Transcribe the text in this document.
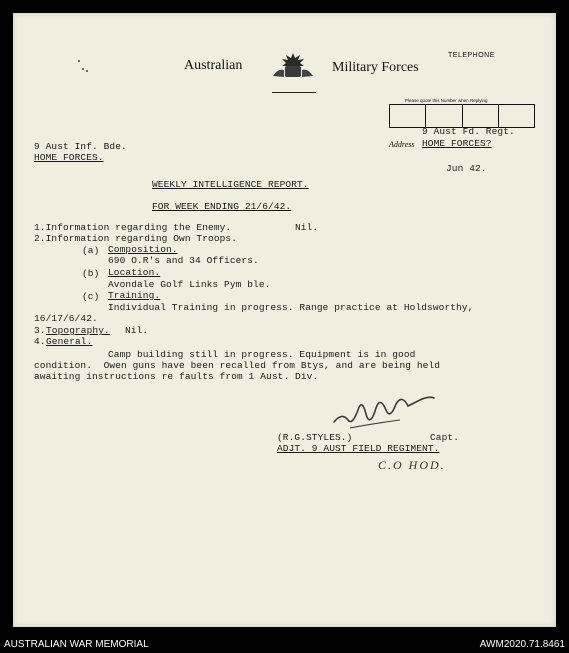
Australian	Military Forces
TELEPHONE
Please quote this Number when Replying
9 Aust Fd. Regt.
Address HOME FORCES?
9 Aust Inf. Bde.
HOME FORCES.
Jun 42.
WEEKLY INTELLIGENCE REPORT.
FOR WEEK ENDING 21/6/42.
1.Information regarding the Enemy.	Nil.
2.Information regarding Own Troops.
(a) Composition.
690 O.R's and 34 Officers.
(b) Location.
Avondale Golf Links Pym ble.
(c) Training.
Individual Training in progress. Range practice at Holdsworthy,
16/17/6/42.
3. Topography. Nil.
4. General.
Camp building still in progress. Equipment is in good
condition.  Owen guns have been recalled from Btys, and are being held
awaiting instructions re faults from 1 Aust. Div.
(R.G.STYLES.)	Capt.
ADJT. 9 AUST FIELD REGIMENT.
C.O HOD.
AUSTRALIAN WAR MEMORIAL	AWM2020.71.8461
